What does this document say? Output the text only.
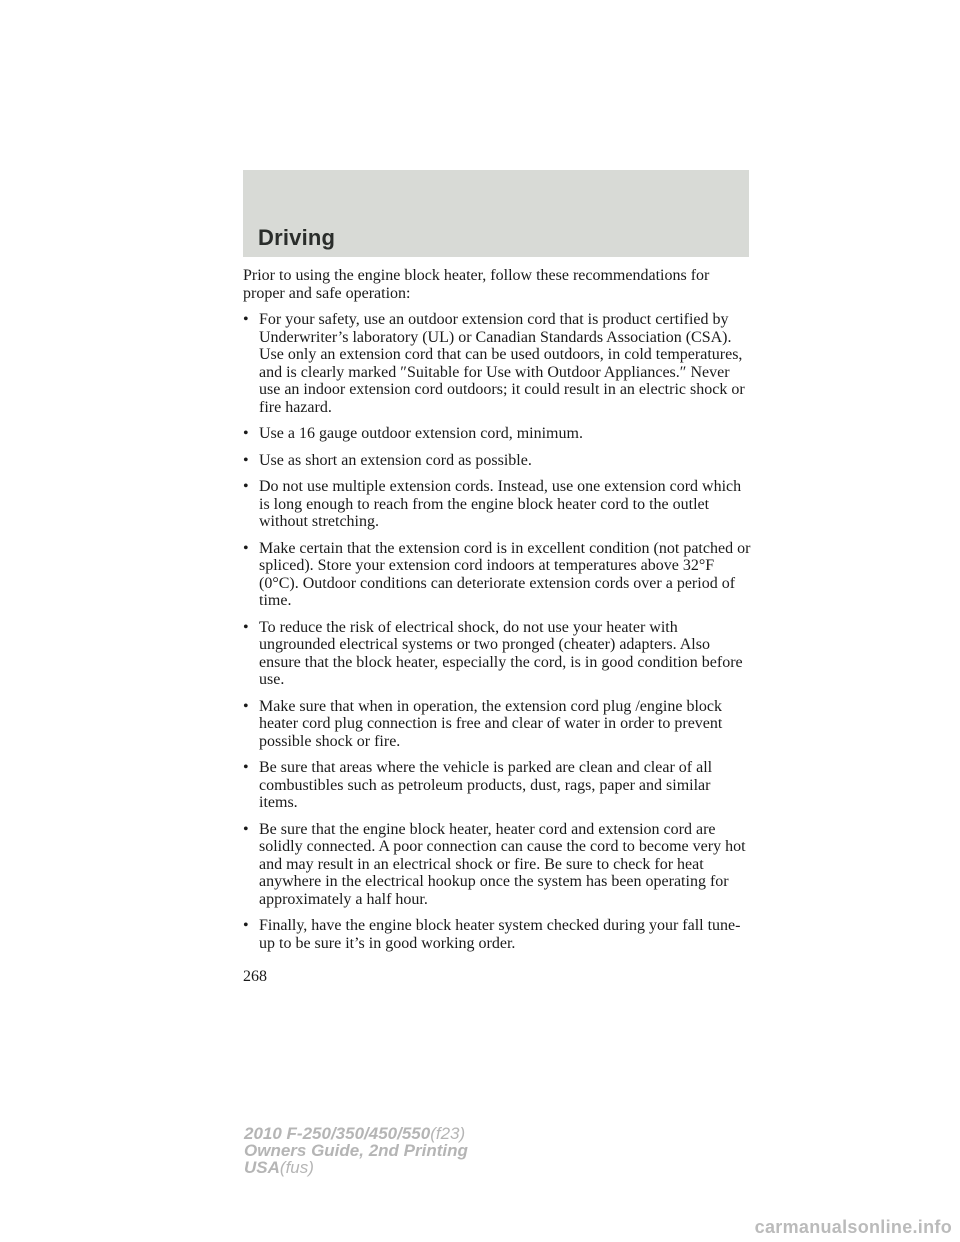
Driving

Prior to using the engine block heater, follow these recommendations for proper and safe operation:

• For your safety, use an outdoor extension cord that is product certified by Underwriter’s laboratory (UL) or Canadian Standards Association (CSA). Use only an extension cord that can be used outdoors, in cold temperatures, and is clearly marked ″Suitable for Use with Outdoor Appliances.″ Never use an indoor extension cord outdoors; it could result in an electric shock or fire hazard.
• Use a 16 gauge outdoor extension cord, minimum.
• Use as short an extension cord as possible.
• Do not use multiple extension cords. Instead, use one extension cord which is long enough to reach from the engine block heater cord to the outlet without stretching.
• Make certain that the extension cord is in excellent condition (not patched or spliced). Store your extension cord indoors at temperatures above 32°F (0°C). Outdoor conditions can deteriorate extension cords over a period of time.
• To reduce the risk of electrical shock, do not use your heater with ungrounded electrical systems or two pronged (cheater) adapters. Also ensure that the block heater, especially the cord, is in good condition before use.
• Make sure that when in operation, the extension cord plug /engine block heater cord plug connection is free and clear of water in order to prevent possible shock or fire.
• Be sure that areas where the vehicle is parked are clean and clear of all combustibles such as petroleum products, dust, rags, paper and similar items.
• Be sure that the engine block heater, heater cord and extension cord are solidly connected. A poor connection can cause the cord to become very hot and may result in an electrical shock or fire. Be sure to check for heat anywhere in the electrical hookup once the system has been operating for approximately a half hour.
• Finally, have the engine block heater system checked during your fall tune-up to be sure it’s in good working order.

268

2010 F-250/350/450/550(f23)
Owners Guide, 2nd Printing
USA(fus)
carmanualsonline.info
